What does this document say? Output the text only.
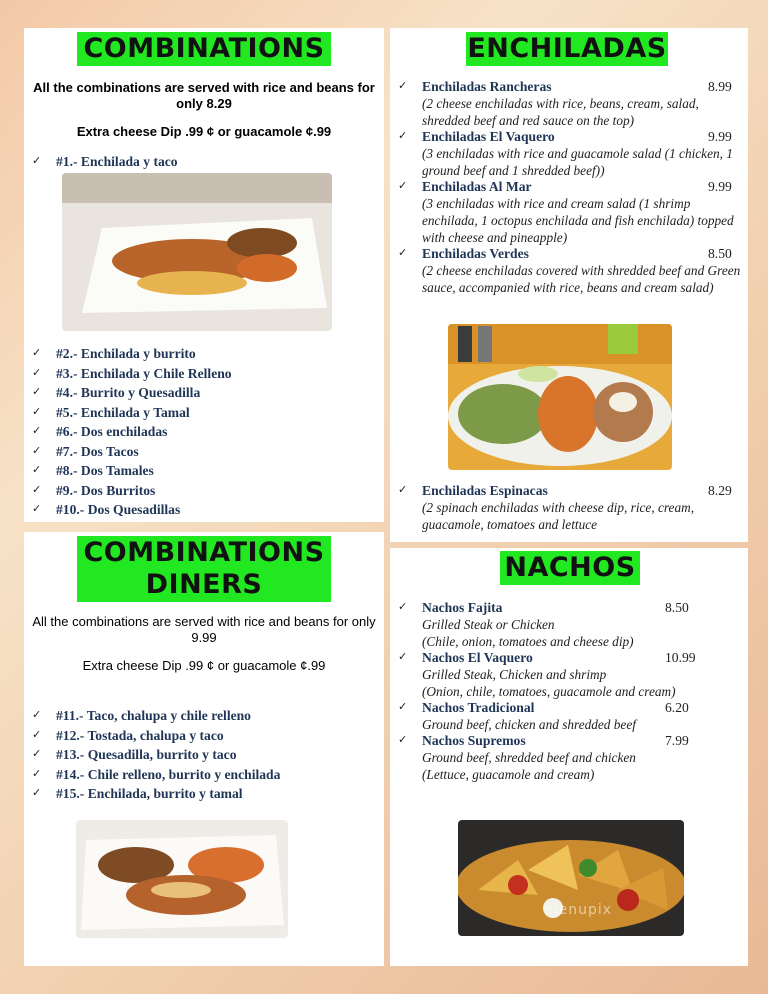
COMBINATIONS
All the combinations are served with rice and beans for only 8.29
Extra cheese Dip .99 ¢ or guacamole ¢.99
✓ #1.- Enchilada y taco
✓ #2.- Enchilada y burrito
✓ #3.- Enchilada y Chile Relleno
✓ #4.- Burrito y Quesadilla
✓ #5.- Enchilada y Tamal
✓ #6.- Dos enchiladas
✓ #7.- Dos Tacos
✓ #8.- Dos Tamales
✓ #9.- Dos Burritos
✓ #10.- Dos Quesadillas
COMBINATIONS
DINERS
All the combinations are served with rice and beans for only 9.99
Extra cheese Dip .99 ¢ or guacamole ¢.99
✓ #11.- Taco, chalupa y chile relleno
✓ #12.- Tostada, chalupa y taco
✓ #13.- Quesadilla, burrito y taco
✓ #14.- Chile relleno, burrito y enchilada
✓ #15.- Enchilada, burrito y tamal
ENCHILADAS
✓ Enchiladas Rancheras	8.99
(2 cheese enchiladas with rice, beans, cream, salad, shredded beef and red sauce on the top)
✓ Enchiladas El Vaquero	9.99
(3 enchiladas with rice and guacamole salad (1 chicken, 1 ground beef and 1 shredded beef))
✓ Enchiladas Al Mar	9.99
(3 enchiladas with rice and cream salad (1 shrimp enchilada, 1 octopus enchilada and fish enchilada) topped with cheese and pineapple)
✓ Enchiladas Verdes	8.50
(2 cheese enchiladas covered with shredded beef and Green sauce, accompanied with rice, beans and cream salad)
✓ Enchiladas Espinacas	8.29
(2 spinach enchiladas with cheese dip, rice, cream, guacamole, tomatoes and lettuce
NACHOS
✓ Nachos Fajita	8.50
Grilled Steak or Chicken
(Chile, onion, tomatoes and cheese dip)
✓ Nachos El Vaquero	10.99
Grilled Steak, Chicken and shrimp
(Onion, chile, tomatoes, guacamole and cream)
✓ Nachos Tradicional	6.20
Ground beef, chicken and shredded beef
✓ Nachos Supremos	7.99
Ground beef, shredded beef and chicken
(Lettuce, guacamole and cream)
menupix
